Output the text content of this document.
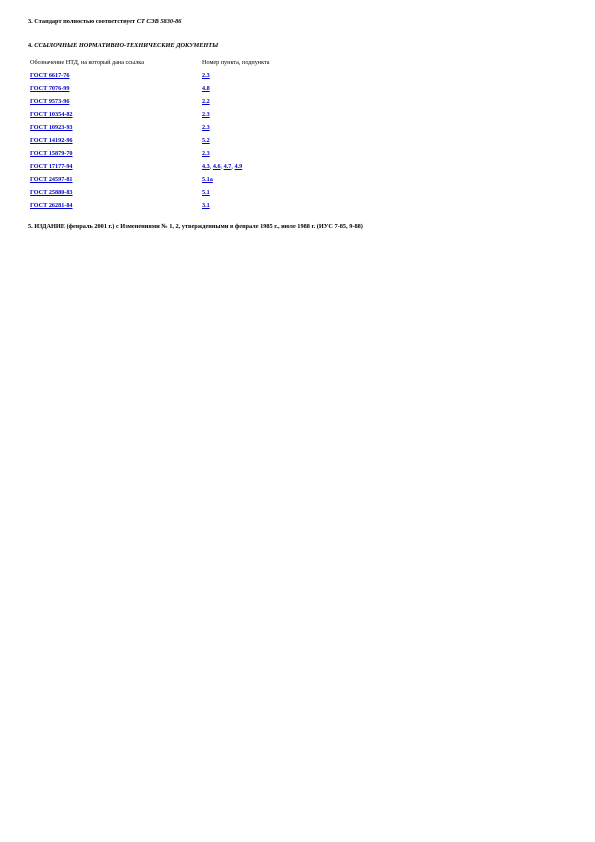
3. Стандарт полностью соответствует СТ СЭВ 5830-86
4. ССЫЛОЧНЫЕ НОРМАТИВНО-ТЕХНИЧЕСКИЕ ДОКУМЕНТЫ
Обозначение НТД, на который дана ссылка	Номер пункта, подпункта
ГОСТ 6617-76	2.3
ГОСТ 7076-99	4.8
ГОСТ 9573-96	2.2
ГОСТ 10354-82	2.3
ГОСТ 10923-93	2.3
ГОСТ 14192-96	5.2
ГОСТ 15879-70	2.3
ГОСТ 17177-94	4.3, 4.6, 4.7, 4.9
ГОСТ 24597-81	5.1а
ГОСТ 25880-83	5.1
ГОСТ 26281-84	3.1
5. ИЗДАНИЕ (февраль 2001 г.) с Изменениями № 1, 2, утвержденными в феврале 1985 г., июле 1988 г. (ИУС 7-85, 9-88)
